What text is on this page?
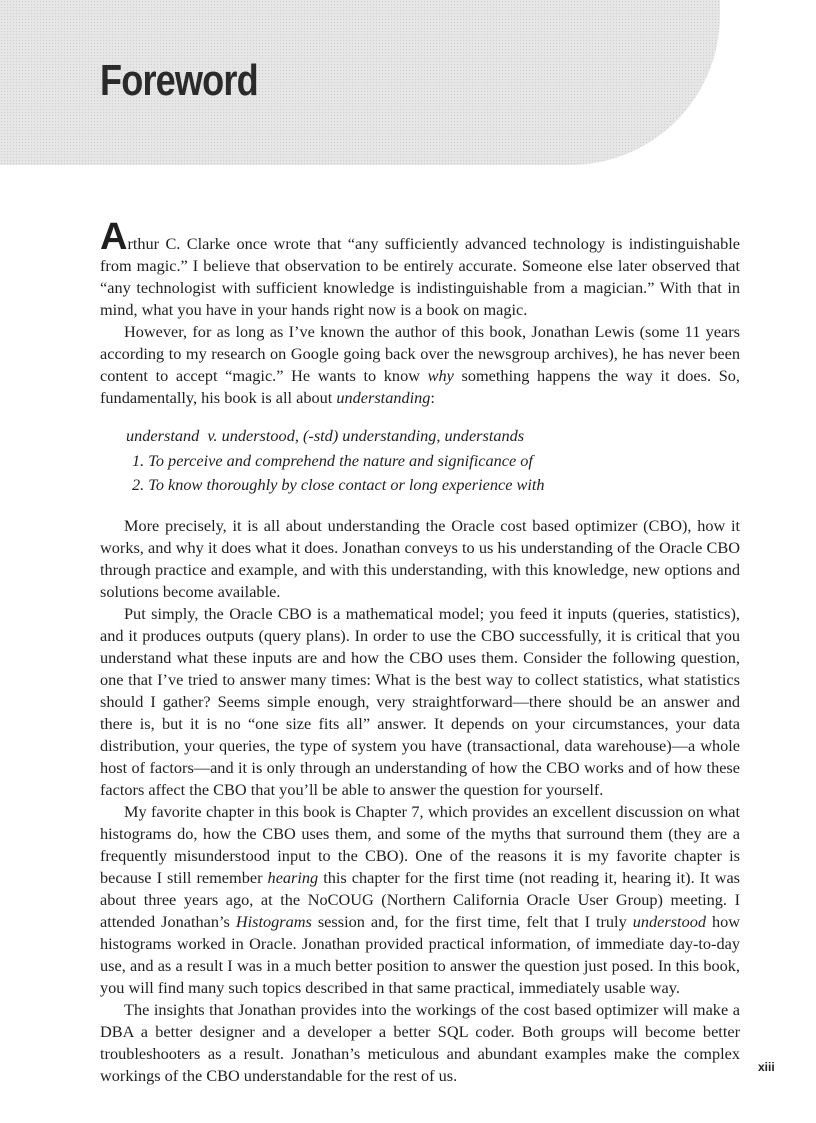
Foreword

Arthur C. Clarke once wrote that “any sufficiently advanced technology is indistinguishable from magic.” I believe that observation to be entirely accurate. Someone else later observed that “any technologist with sufficient knowledge is indistinguishable from a magician.” With that in mind, what you have in your hands right now is a book on magic.

However, for as long as I’ve known the author of this book, Jonathan Lewis (some 11 years according to my research on Google going back over the newsgroup archives), he has never been content to accept “magic.” He wants to know why something happens the way it does. So, fundamentally, his book is all about understanding:

understand v. understood, (-std) understanding, understands
1. To perceive and comprehend the nature and significance of
2. To know thoroughly by close contact or long experience with

More precisely, it is all about understanding the Oracle cost based optimizer (CBO), how it works, and why it does what it does. Jonathan conveys to us his understanding of the Oracle CBO through practice and example, and with this understanding, with this knowledge, new options and solutions become available.

Put simply, the Oracle CBO is a mathematical model; you feed it inputs (queries, statistics), and it produces outputs (query plans). In order to use the CBO successfully, it is critical that you understand what these inputs are and how the CBO uses them. Consider the following question, one that I’ve tried to answer many times: What is the best way to collect statistics, what statistics should I gather? Seems simple enough, very straightforward—there should be an answer and there is, but it is no “one size fits all” answer. It depends on your circumstances, your data distribution, your queries, the type of system you have (transactional, data warehouse)—a whole host of factors—and it is only through an understanding of how the CBO works and of how these factors affect the CBO that you’ll be able to answer the question for yourself.

My favorite chapter in this book is Chapter 7, which provides an excellent discussion on what histograms do, how the CBO uses them, and some of the myths that surround them (they are a frequently misunderstood input to the CBO). One of the reasons it is my favorite chapter is because I still remember hearing this chapter for the first time (not reading it, hearing it). It was about three years ago, at the NoCOUG (Northern California Oracle User Group) meeting. I attended Jonathan’s Histograms session and, for the first time, felt that I truly understood how histograms worked in Oracle. Jonathan provided practical information, of immediate day-to-day use, and as a result I was in a much better position to answer the question just posed. In this book, you will find many such topics described in that same practical, immediately usable way.

The insights that Jonathan provides into the workings of the cost based optimizer will make a DBA a better designer and a developer a better SQL coder. Both groups will become better troubleshooters as a result. Jonathan’s meticulous and abundant examples make the complex workings of the CBO understandable for the rest of us.	xiii
